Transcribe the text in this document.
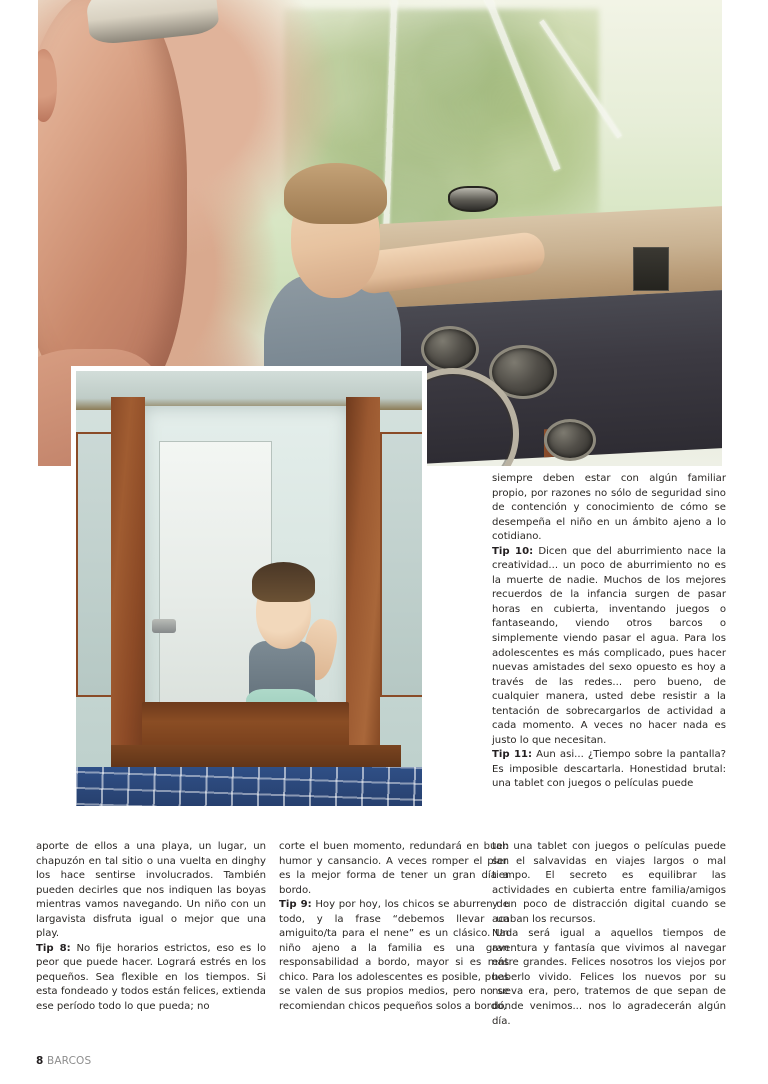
siempre deben estar con algún familiar propio, por razones no sólo de seguridad sino de contención y conocimiento de cómo se desempeña el niño en un ámbito ajeno a lo cotidiano.

Tip 10: Dicen que del aburrimiento nace la creatividad... un poco de aburrimiento no es la muerte de nadie. Muchos de los mejores recuerdos de la infancia surgen de pasar horas en cubierta, inventando juegos o fantaseando, viendo otros barcos o simplemente viendo pasar el agua. Para los adolescentes es más complicado, pues hacer nuevas amistades del sexo opuesto es hoy a través de las redes... pero bueno, de cualquier manera, usted debe resistir a la tentación de sobrecargarlos de actividad a cada momento. A veces no hacer nada es justo lo que necesitan.

Tip 11: Aun asi... ¿Tiempo sobre la pantalla? Es imposible descartarla. Honestidad brutal: una tablet con juegos o películas puede

aporte de ellos a una playa, un lugar, un chapuzón en tal sitio o una vuelta en dinghy los hace sentirse involucrados. También pueden decirles que nos indiquen las boyas mientras vamos navegando. Un niño con un largavista disfruta igual o mejor que una play.

Tip 8: No fije horarios estrictos, eso es lo peor que puede hacer. Logrará estrés en los pequeños. Sea flexible en los tiempos. Si esta fondeado y todos están felices, extienda ese período todo lo que pueda; no

corte el buen momento, redundará en buen humor y cansancio. A veces romper el plan es la mejor forma de tener un gran día a bordo.

Tip 9: Hoy por hoy, los chicos se aburren de todo, y la frase “debemos llevar un amiguito/ta para el nene” es un clásico. Un niño ajeno a la familia es una gran responsabilidad a bordo, mayor si es más chico. Para los adolescentes es posible, pues se valen de sus propios medios, pero no se recomiendan chicos pequeños solos a bordo,

tal: una tablet con juegos o películas puede ser el salvavidas en viajes largos o mal tiempo. El secreto es equilibrar las actividades en cubierta entre familia/amigos y un poco de distracción digital cuando se acaban los recursos.

Nada será igual a aquellos tiempos de aventura y fantasía que vivimos al navegar entre grandes. Felices nosotros los viejos por haberlo vivido. Felices los nuevos por su nueva era, pero, tratemos de que sepan de dónde venimos... nos lo agradecerán algún día.

8 BARCOS
